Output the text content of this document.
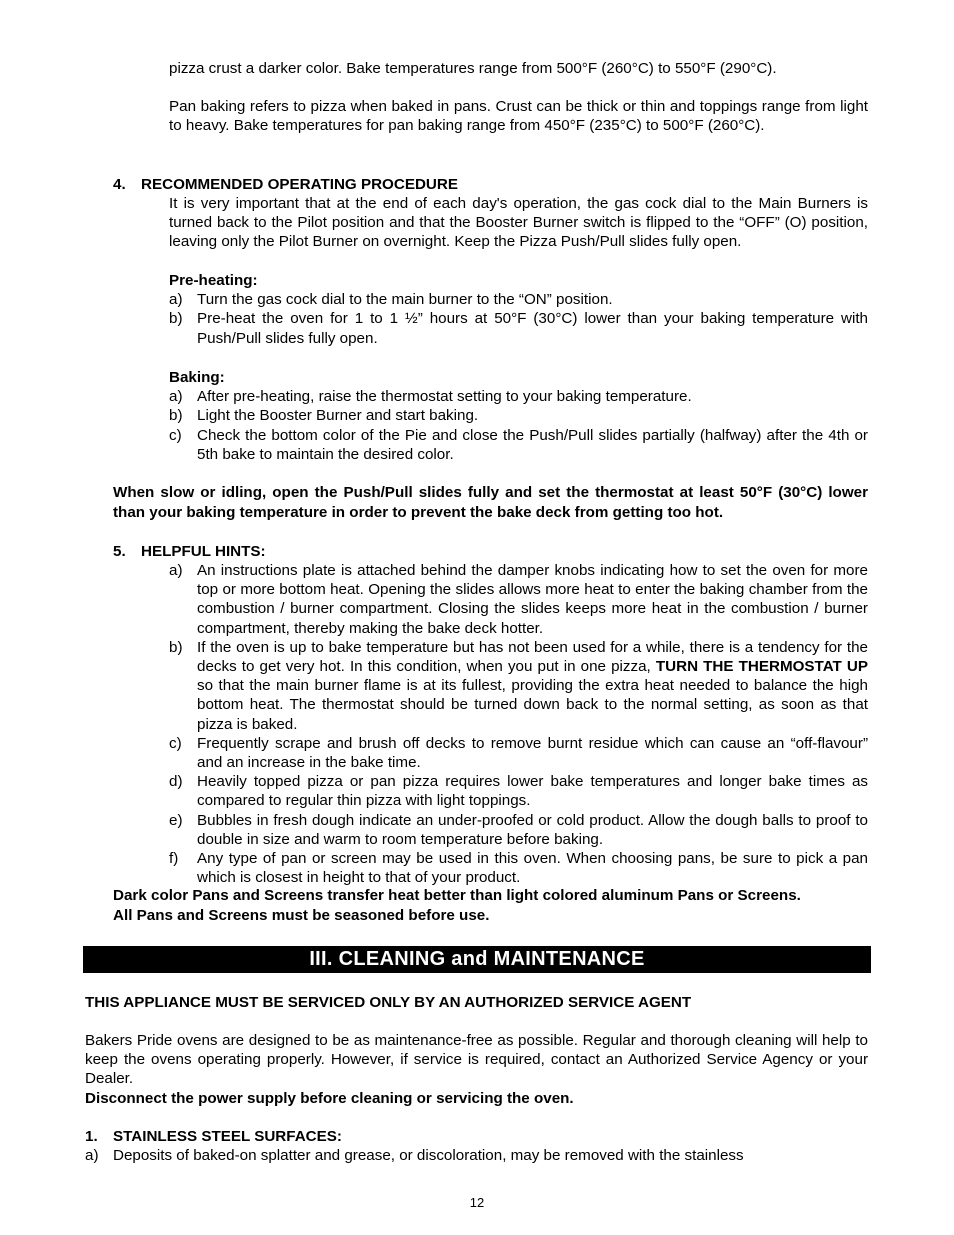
pizza crust a darker color. Bake temperatures range from 500°F (260°C) to 550°F (290°C).

Pan baking refers to pizza when baked in pans. Crust can be thick or thin and toppings range from light to heavy. Bake temperatures for pan baking range from 450°F (235°C) to 500°F (260°C).

4. RECOMMENDED OPERATING PROCEDURE

It is very important that at the end of each day's operation, the gas cock dial to the Main Burners is turned back to the Pilot position and that the Booster Burner switch is flipped to the “OFF” (O) position, leaving only the Pilot Burner on overnight. Keep the Pizza Push/Pull slides fully open.

Pre-heating:
a) Turn the gas cock dial to the main burner to the “ON” position.
b) Pre-heat the oven for 1 to 1 ½” hours at 50°F (30°C) lower than your baking temperature with Push/Pull slides fully open.
Baking:
a) After pre-heating, raise the thermostat setting to your baking temperature.
b) Light the Booster Burner and start baking.
c) Check the bottom color of the Pie and close the Push/Pull slides partially (halfway) after the 4th or 5th bake to maintain the desired color.

When slow or idling, open the Push/Pull slides fully and set the thermostat at least 50°F (30°C) lower than your baking temperature in order to prevent the bake deck from getting too hot.

5. HELPFUL HINTS:
a) An instructions plate is attached behind the damper knobs indicating how to set the oven for more top or more bottom heat. Opening the slides allows more heat to enter the baking chamber from the combustion / burner compartment. Closing the slides keeps more heat in the combustion / burner compartment, thereby making the bake deck hotter.
b) If the oven is up to bake temperature but has not been used for a while, there is a tendency for the decks to get very hot. In this condition, when you put in one pizza, TURN THE THERMOSTAT UP so that the main burner flame is at its fullest, providing the extra heat needed to balance the high bottom heat. The thermostat should be turned down back to the normal setting, as soon as that pizza is baked.
c) Frequently scrape and brush off decks to remove burnt residue which can cause an “off-flavour” and an increase in the bake time.
d) Heavily topped pizza or pan pizza requires lower bake temperatures and longer bake times as compared to regular thin pizza with light toppings.
e) Bubbles in fresh dough indicate an under-proofed or cold product. Allow the dough balls to proof to double in size and warm to room temperature before baking.
f) Any type of pan or screen may be used in this oven. When choosing pans, be sure to pick a pan which is closest in height to that of your product.
Dark color Pans and Screens transfer heat better than light colored aluminum Pans or Screens.
All Pans and Screens must be seasoned before use.
III. CLEANING and MAINTENANCE
THIS APPLIANCE MUST BE SERVICED ONLY BY AN AUTHORIZED SERVICE AGENT

Bakers Pride ovens are designed to be as maintenance-free as possible. Regular and thorough cleaning will help to keep the ovens operating properly. However, if service is required, contact an Authorized Service Agency or your Dealer.

Disconnect the power supply before cleaning or servicing the oven.
1. STAINLESS STEEL SURFACES:
a) Deposits of baked-on splatter and grease, or discoloration, may be removed with the stainless
12
